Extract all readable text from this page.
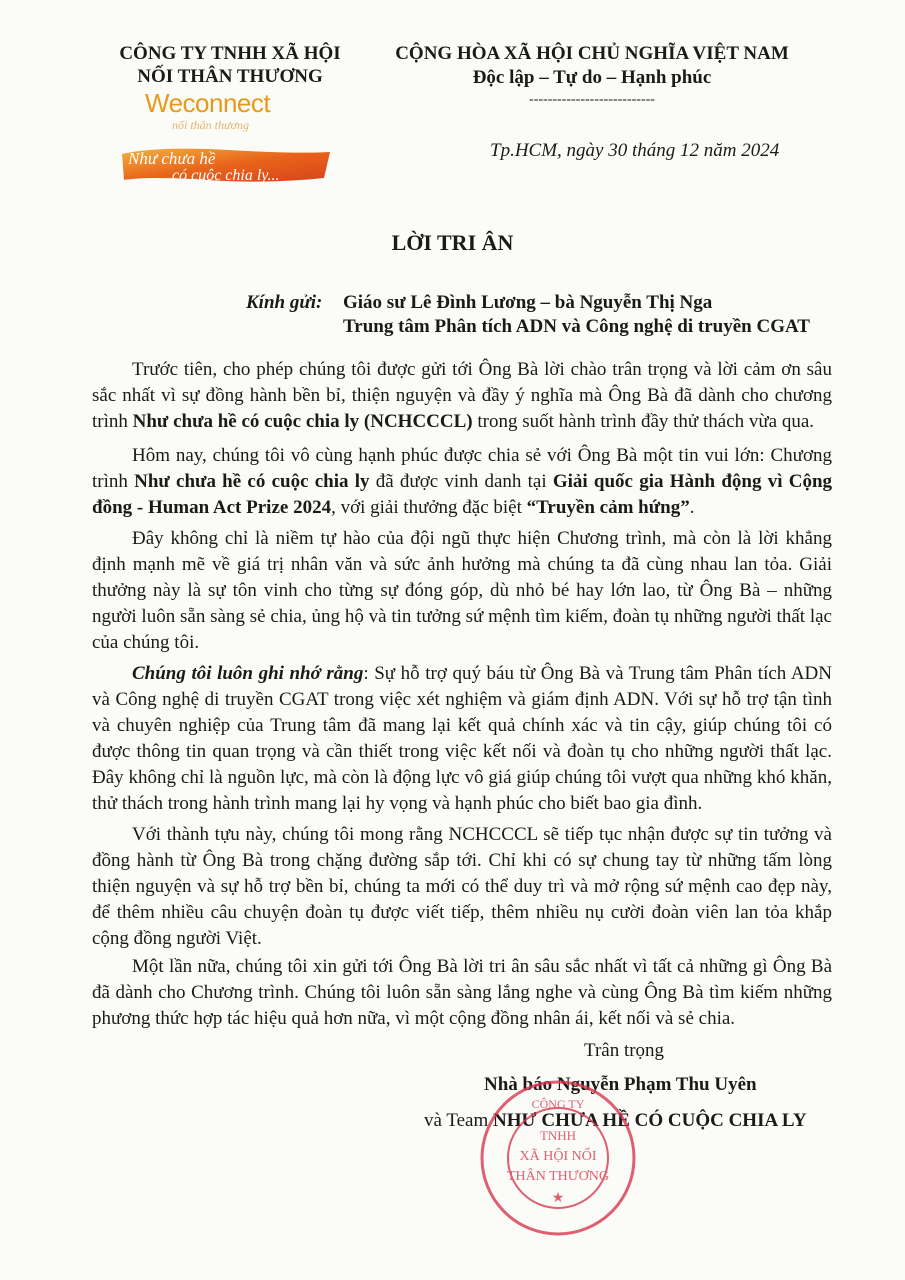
CÔNG TY TNHH XÃ HỘI
NỐI THÂN THƯƠNG
Weconnect
nối thân thương
Như chưa hề
có cuộc chia ly...
CỘNG HÒA XÃ HỘI CHỦ NGHĨA VIỆT NAM
Độc lập – Tự do – Hạnh phúc
---------------------------
Tp.HCM, ngày 30 tháng 12 năm 2024
LỜI TRI ÂN
Kính gửi: Giáo sư Lê Đình Lương – bà Nguyễn Thị Nga
Trung tâm Phân tích ADN và Công nghệ di truyền CGAT

Trước tiên, cho phép chúng tôi được gửi tới Ông Bà lời chào trân trọng và lời cảm ơn sâu sắc nhất vì sự đồng hành bền bỉ, thiện nguyện và đầy ý nghĩa mà Ông Bà đã dành cho chương trình Như chưa hề có cuộc chia ly (NCHCCCL) trong suốt hành trình đầy thử thách vừa qua.

Hôm nay, chúng tôi vô cùng hạnh phúc được chia sẻ với Ông Bà một tin vui lớn: Chương trình Như chưa hề có cuộc chia ly đã được vinh danh tại Giải quốc gia Hành động vì Cộng đồng - Human Act Prize 2024, với giải thưởng đặc biệt “Truyền cảm hứng”.

Đây không chỉ là niềm tự hào của đội ngũ thực hiện Chương trình, mà còn là lời khẳng định mạnh mẽ về giá trị nhân văn và sức ảnh hưởng mà chúng ta đã cùng nhau lan tỏa. Giải thưởng này là sự tôn vinh cho từng sự đóng góp, dù nhỏ bé hay lớn lao, từ Ông Bà – những người luôn sẵn sàng sẻ chia, ủng hộ và tin tưởng sứ mệnh tìm kiếm, đoàn tụ những người thất lạc của chúng tôi.

Chúng tôi luôn ghi nhớ rằng: Sự hỗ trợ quý báu từ Ông Bà và Trung tâm Phân tích ADN và Công nghệ di truyền CGAT trong việc xét nghiệm và giám định ADN. Với sự hỗ trợ tận tình và chuyên nghiệp của Trung tâm đã mang lại kết quả chính xác và tin cậy, giúp chúng tôi có được thông tin quan trọng và cần thiết trong việc kết nối và đoàn tụ cho những người thất lạc. Đây không chỉ là nguồn lực, mà còn là động lực vô giá giúp chúng tôi vượt qua những khó khăn, thử thách trong hành trình mang lại hy vọng và hạnh phúc cho biết bao gia đình.

Với thành tựu này, chúng tôi mong rằng NCHCCCL sẽ tiếp tục nhận được sự tin tưởng và đồng hành từ Ông Bà trong chặng đường sắp tới. Chỉ khi có sự chung tay từ những tấm lòng thiện nguyện và sự hỗ trợ bền bỉ, chúng ta mới có thể duy trì và mở rộng sứ mệnh cao đẹp này, để thêm nhiều câu chuyện đoàn tụ được viết tiếp, thêm nhiều nụ cười đoàn viên lan tỏa khắp cộng đồng người Việt.

Một lần nữa, chúng tôi xin gửi tới Ông Bà lời tri ân sâu sắc nhất vì tất cả những gì Ông Bà đã dành cho Chương trình. Chúng tôi luôn sẵn sàng lắng nghe và cùng Ông Bà tìm kiếm những phương thức hợp tác hiệu quả hơn nữa, vì một cộng đồng nhân ái, kết nối và sẻ chia.

Trân trọng
Nhà báo Nguyễn Phạm Thu Uyên
và Team NHƯ CHƯA HỀ CÓ CUỘC CHIA LY
CÔNG TY
TNHH
XÃ HỘI NỐI
THÂN THƯƠNG
★
